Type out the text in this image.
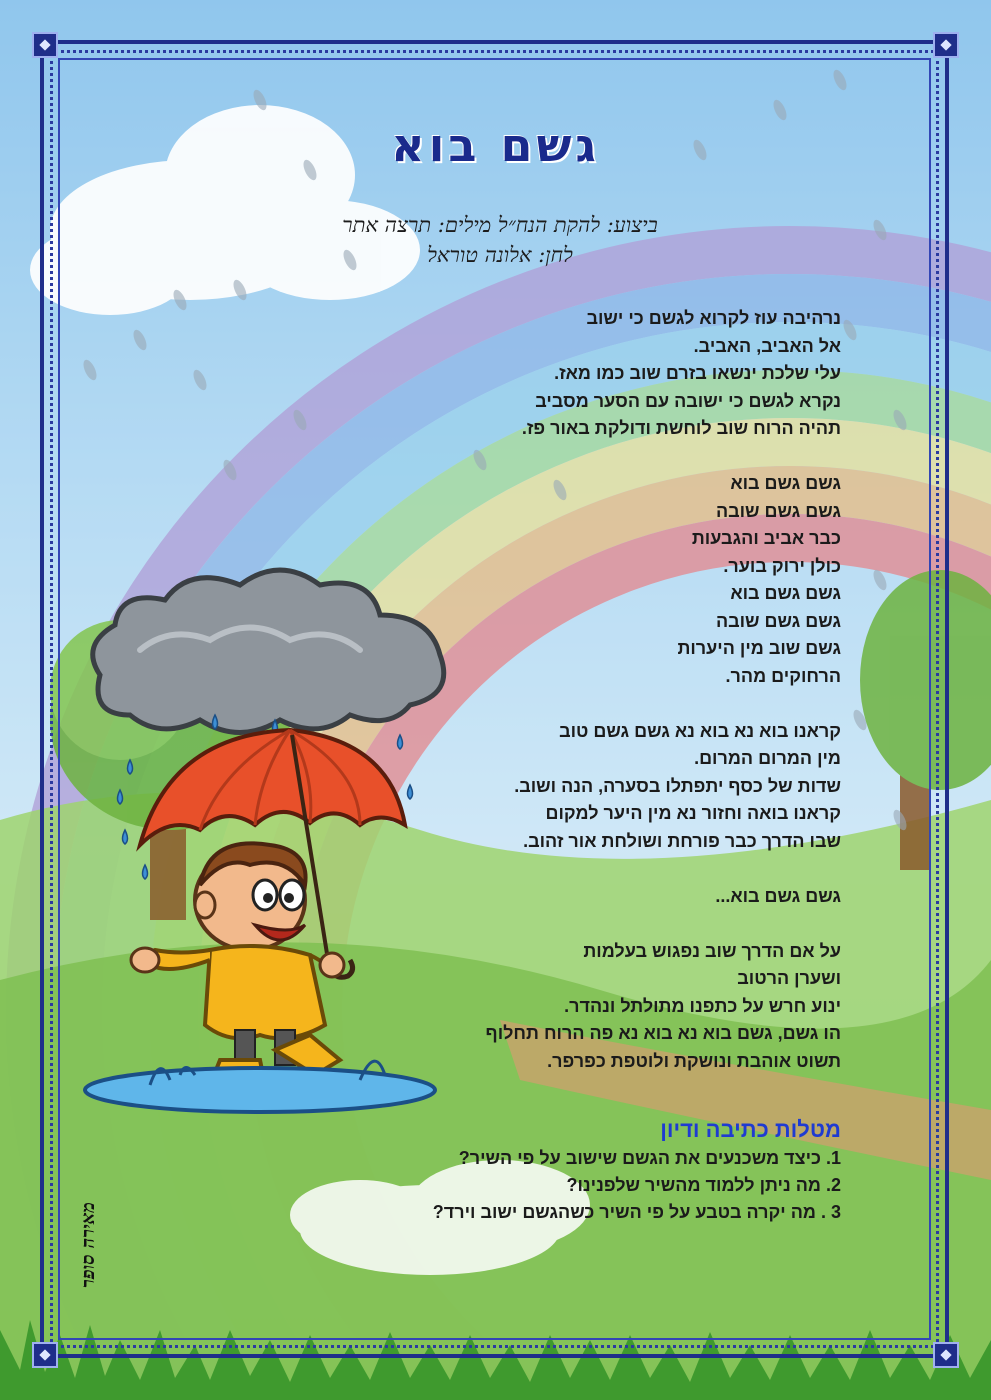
גשם בוא
ביצוע: להקת הנח״ל מילים: תרצה אתר
לחן: אלונה טוראל
נרהיבה עוז לקרוא לגשם כי ישוב
אל האביב, האביב.
עלי שלכת ינשאו בזרם שוב כמו מאז.
נקרא לגשם כי ישובה עם הסער מסביב
תהיה הרוח שוב לוחשת ודולקת באור פז.
גשם גשם בוא
גשם גשם שובה
כבר אביב והגבעות
כולן ירוק בוער.
גשם גשם בוא
גשם גשם שובה
גשם שוב מין היערות
הרחוקים מהר.
קראנו בוא נא בוא נא גשם גשם טוב
מין המרום המרום.
שדות של כסף יתפתלו בסערה, הנה ושוב.
קראנו בואה וחזור נא מין היער למקום
שבו הדרך כבר פורחת ושולחת אור זהוב.
גשם גשם בוא...
על אם הדרך שוב נפגוש בעלמות
ושערן הרטוב
ינוע חרש על כתפנו מתולתל ונהדר.
הו גשם, גשם בוא נא בוא נא פה הרוח תחלוף
תשוט אוהבת ונושקת ולוטפת כפרפר.
מטלות כתיבה ודיון
1. כיצד משכנעים את הגשם שישוב על פי השיר?
2. מה ניתן ללמוד מהשיר שלפנינו?
3 . מה יקרה בטבע על פי השיר כשהגשם ישוב וירד?
מאירה סופר
